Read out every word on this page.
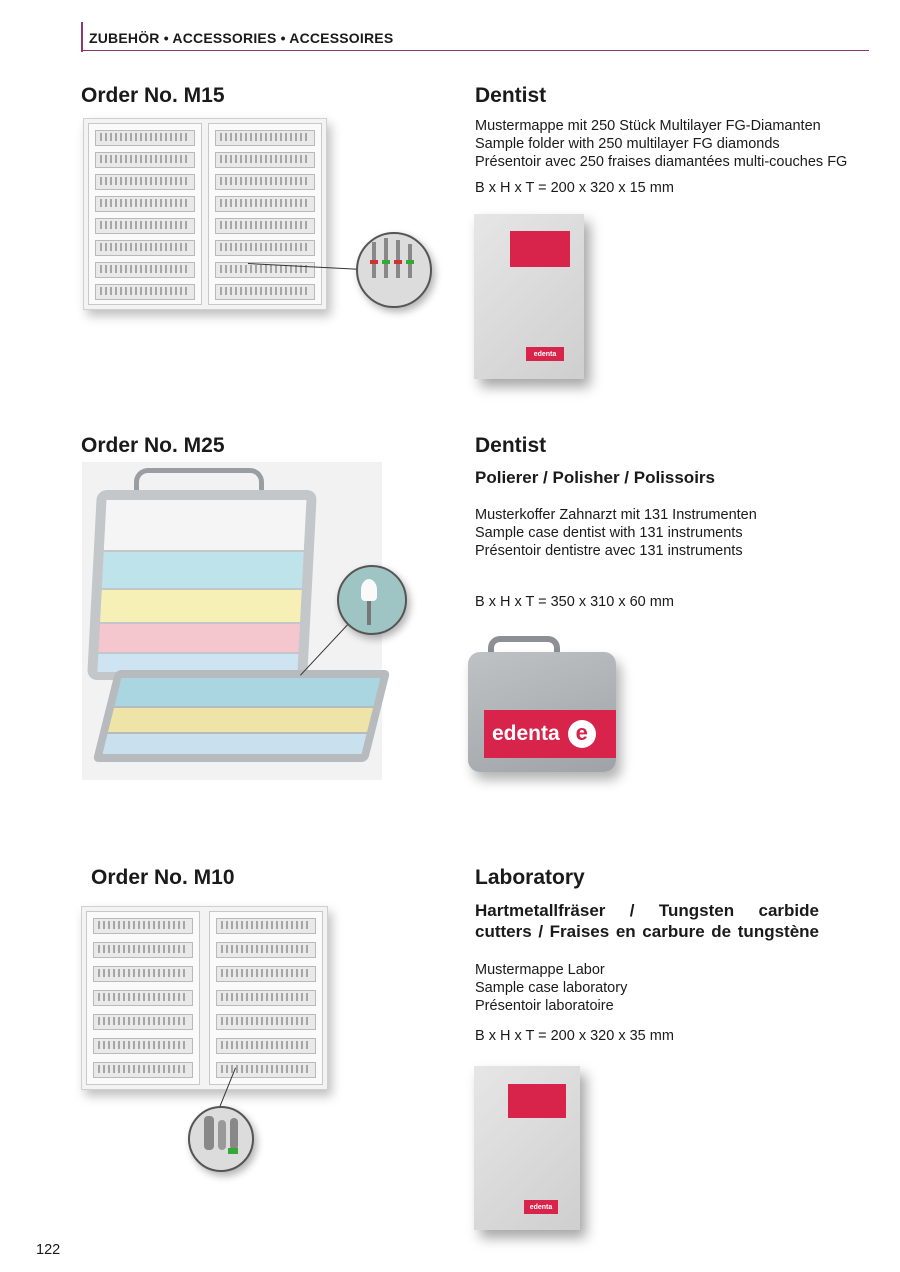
ZUBEHÖR • ACCESSORIES • ACCESSOIRES
Order No. M15	Dentist
Mustermappe mit 250 Stück Multilayer FG-Diamanten
Sample folder with 250 multilayer FG diamonds
Présentoir avec 250 fraises diamantées multi-couches FG
B x H x T = 200 x 320 x 15 mm
edenta
Order No. M25	Dentist
Polierer / Polisher / Polissoirs
Musterkoffer Zahnarzt mit 131 Instrumenten
Sample case dentist with 131 instruments
Présentoir dentistre avec 131 instruments
B x H x T = 350 x 310 x 60 mm
edenta e
Order No. M10	Laboratory
Hartmetallfräser / Tungsten carbide
cutters / Fraises en carbure de tungstène
Mustermappe Labor
Sample case laboratory
Présentoir laboratoire
B x H x T = 200 x 320 x 35 mm
edenta
122
